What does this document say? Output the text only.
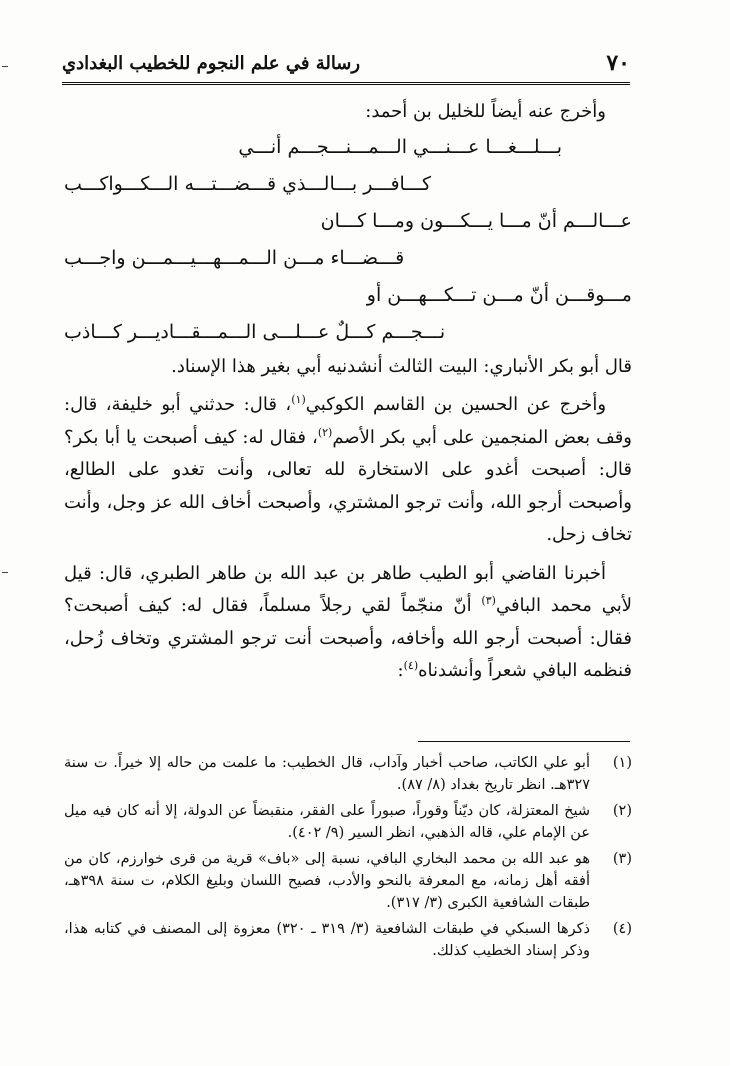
رسالة في علم النجوم للخطيب البغدادي	٧٠

وأخرج عنه أيضاً للخليل بن أحمد:

بـــلـــغـــا عـــنـــي الـــمـــنـــجـــم أنـــي
كـــافـــر بـــالـــذي قـــضـــتـــه الـــكـــواكـــب
عـــالـــم أنّ مـــا يـــكـــون ومـــا كـــان
قـــضـــاء مـــن الـــمـــهـــيـــمـــن واجـــب
مـــوقـــن أنّ مـــن تـــكـــهـــن أو
نـــجـــم كـــلٌ عـــلـــى الـــمـــقـــاديـــر كـــاذب

قال أبو بكر الأنباري: البيت الثالث أنشدنيه أبي بغير هذا الإسناد.

وأخرج عن الحسين بن القاسم الكوكبي$^{(١)}$، قال: حدثني أبو خليفة، قال: وقف بعض المنجمين على أبي بكر الأصم$^{(٢)}$، فقال له: كيف أصبحت يا أبا بكر؟ قال: أصبحت أغدو على الاستخارة لله تعالى، وأنت تغدو على الطالع، وأصبحت أرجو الله، وأنت ترجو المشتري، وأصبحت أخاف الله عز وجل، وأنت تخاف زحل.

أخبرنا القاضي أبو الطيب طاهر بن عبد الله بن طاهر الطبري، قال: قيل لأبي محمد البافي$^{(٣)}$ أنّ منجّماً لقي رجلاً مسلماً، فقال له: كيف أصبحت؟ فقال: أصبحت أرجو الله وأخافه، وأصبحت أنت ترجو المشتري وتخاف زُحل، فنظمه البافي شعراً وأنشدناه$^{(٤)}$:

(١)
أبو علي الكاتب، صاحب أخبار وآداب، قال الخطيب: ما علمت من حاله إلا خيراً. ت سنة ٣٢٧هـ. انظر تاريخ بغداد (٨/ ٨٧).
(٢)
شيخ المعتزلة، كان ديّناً وقوراً، صبوراً على الفقر، منقبضاً عن الدولة، إلا أنه كان فيه ميل عن الإمام علي، قاله الذهبي، انظر السير (٩/ ٤٠٢).
(٣)
هو عبد الله بن محمد البخاري البافي، نسبة إلى «باف» قرية من قرى خوارزم، كان من أفقه أهل زمانه، مع المعرفة بالنحو والأدب، فصيح اللسان وبليغ الكلام، ت سنة ٣٩٨هـ، طبقات الشافعية الكبرى (٣/ ٣١٧).
(٤)
ذكرها السبكي في طبقات الشافعية (٣/ ٣١٩ ـ ٣٢٠) معزوة إلى المصنف في كتابه هذا، وذكر إسناد الخطيب كذلك.
